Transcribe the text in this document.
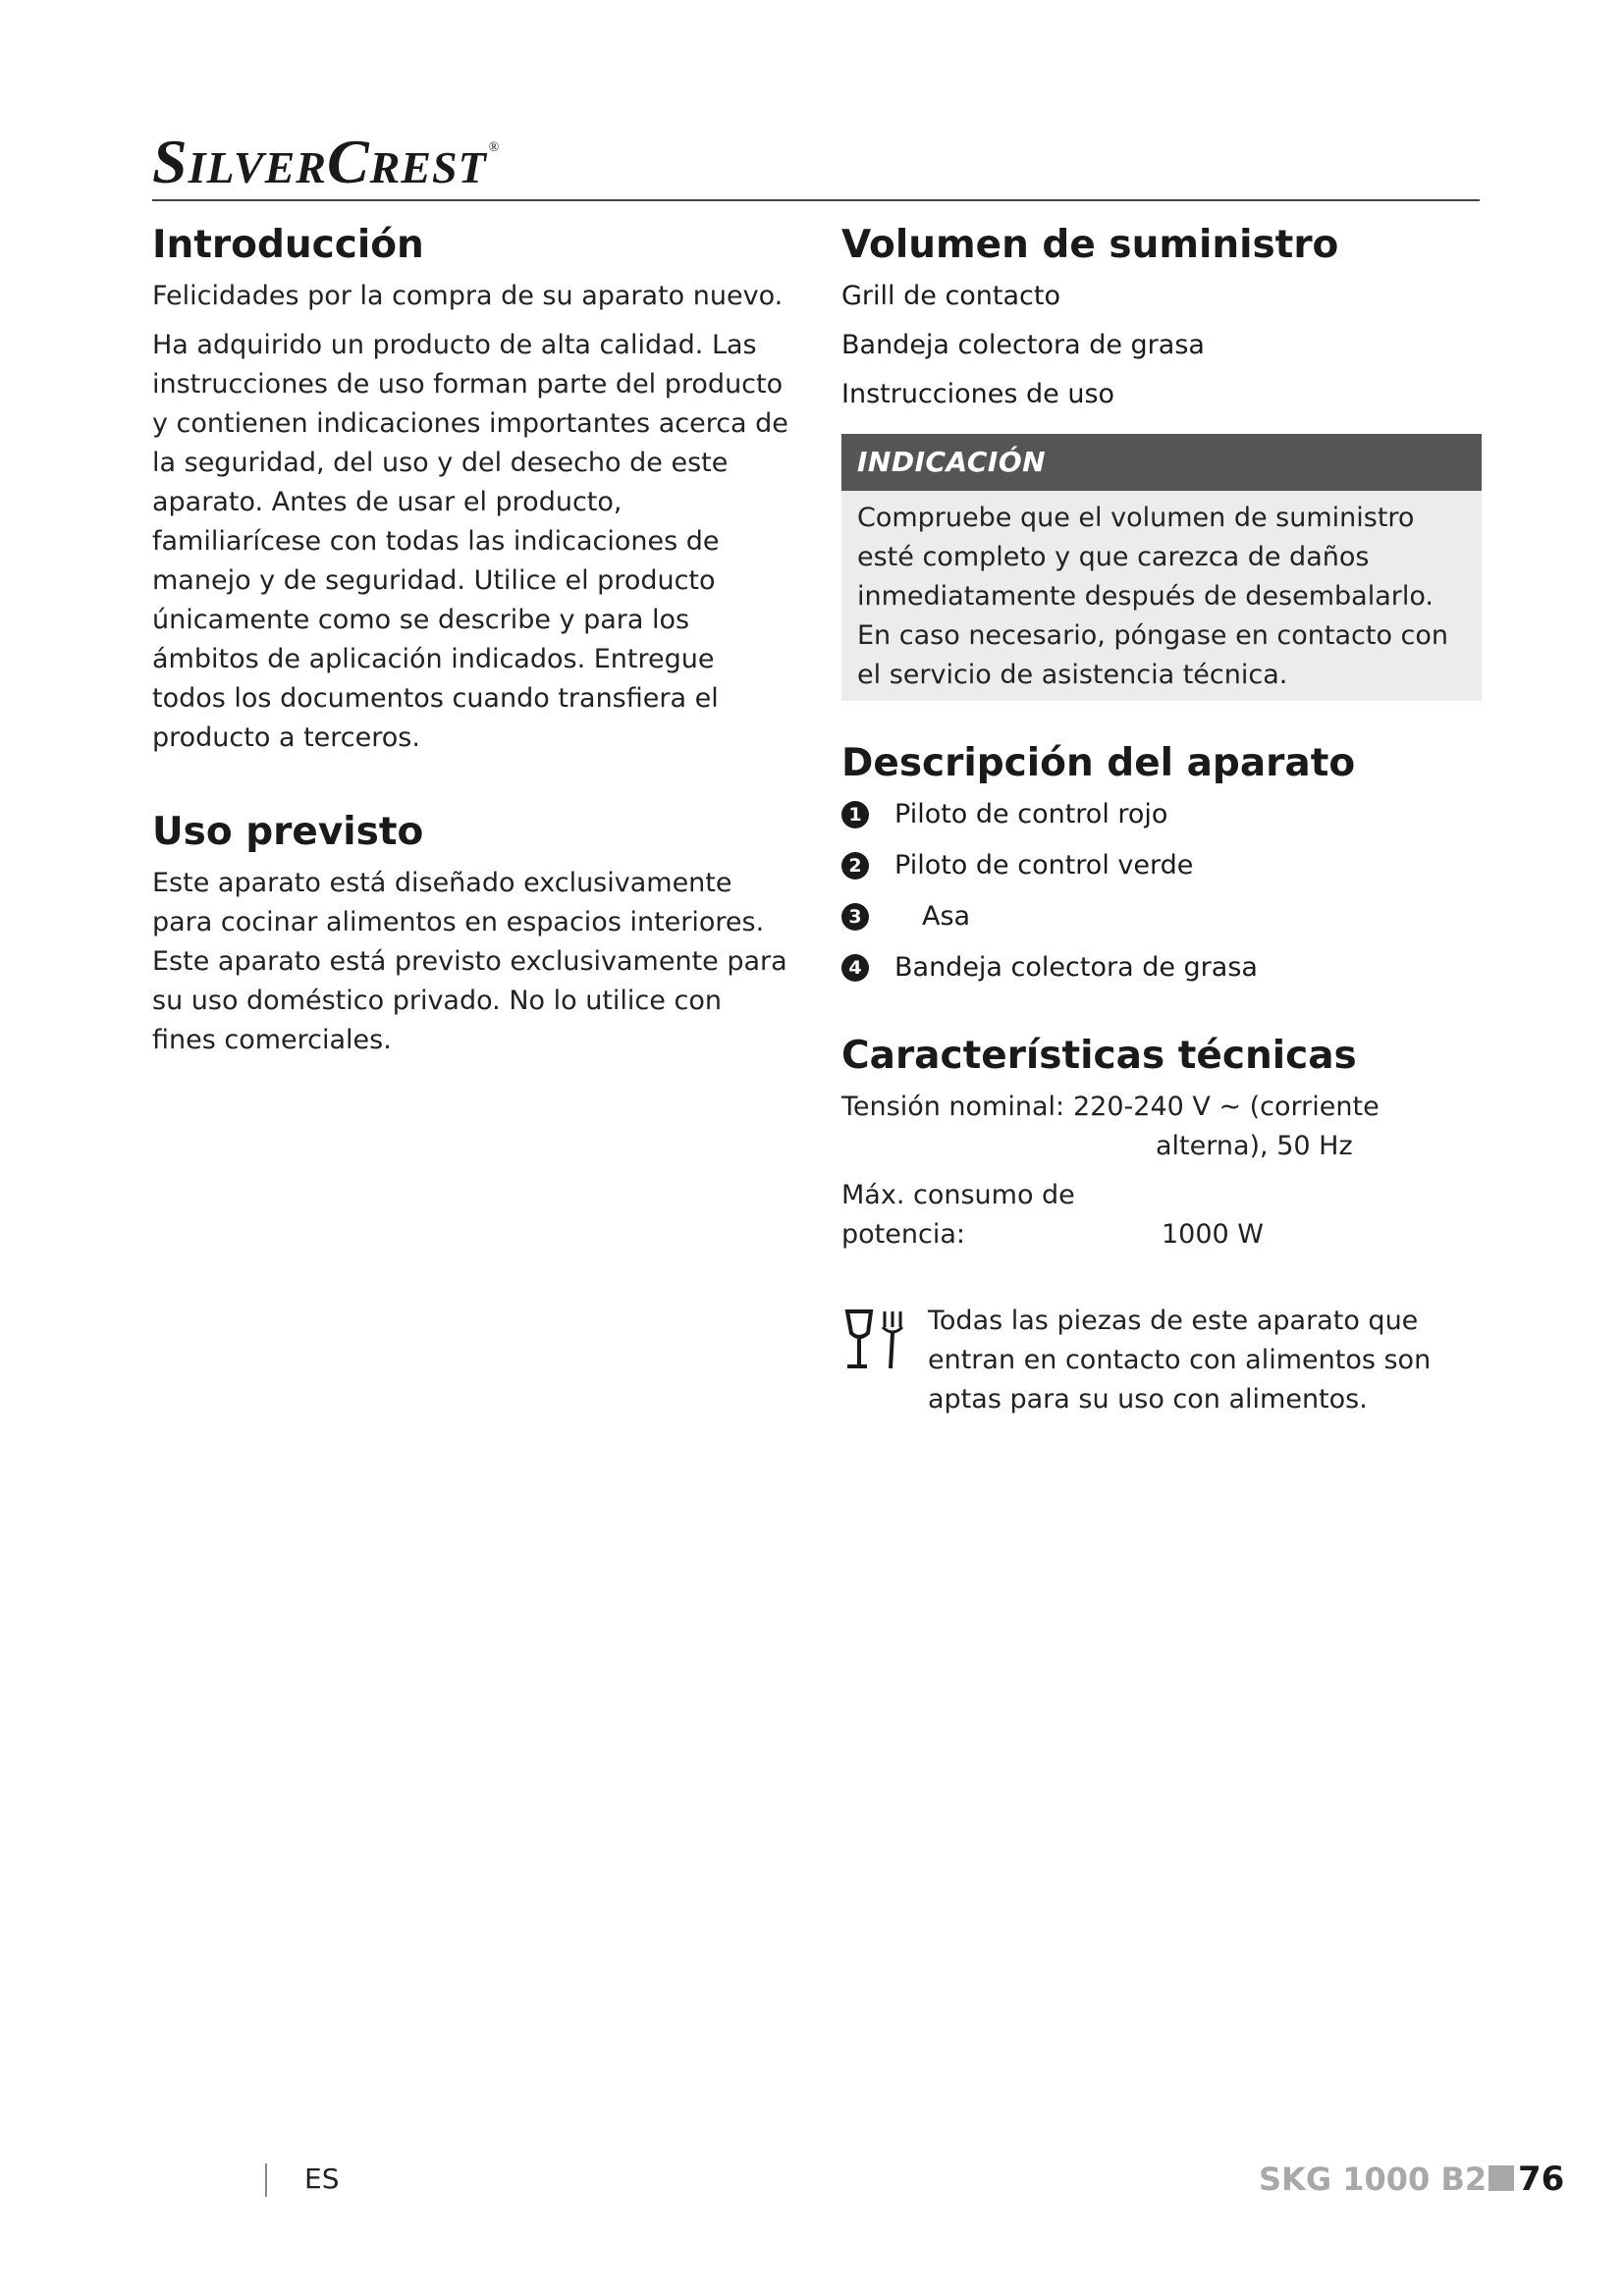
SILVERCREST ®
Introducción

Felicidades por la compra de su aparato nuevo.

Ha adquirido un producto de alta calidad. Las instrucciones de uso forman parte del producto y contienen indicaciones importantes acerca de la seguridad, del uso y del desecho de este aparato. Antes de usar el producto, familiarícese con todas las indicaciones de manejo y de seguridad. Utilice el producto únicamente como se describe y para los ámbitos de aplicación indicados. Entregue todos los documentos cuando transfiera el producto a terceros.

Uso previsto

Este aparato está diseñado exclusivamente para cocinar alimentos en espacios interiores. Este aparato está previsto exclusivamente para su uso doméstico privado. No lo utilice con fines comerciales.

Volumen de suministro
Grill de contacto
Bandeja colectora de grasa
Instrucciones de uso
INDICACIÓN
Compruebe que el volumen de suministro esté completo y que carezca de daños inmediatamente después de desembalarlo. En caso necesario, póngase en contacto con el servicio de asistencia técnica.
Descripción del aparato
1 Piloto de control rojo
2 Piloto de control verde
3 Asa
4 Bandeja colectora de grasa
Características técnicas
Tensión nominal: 220-240 V ∼ (corriente
alterna), 50 Hz
Máx. consumo de
potencia:	1000 W
Todas las piezas de este aparato que entran en contacto con alimentos son aptas para su uso con alimentos.
ES	SKG 1000 B2 76
